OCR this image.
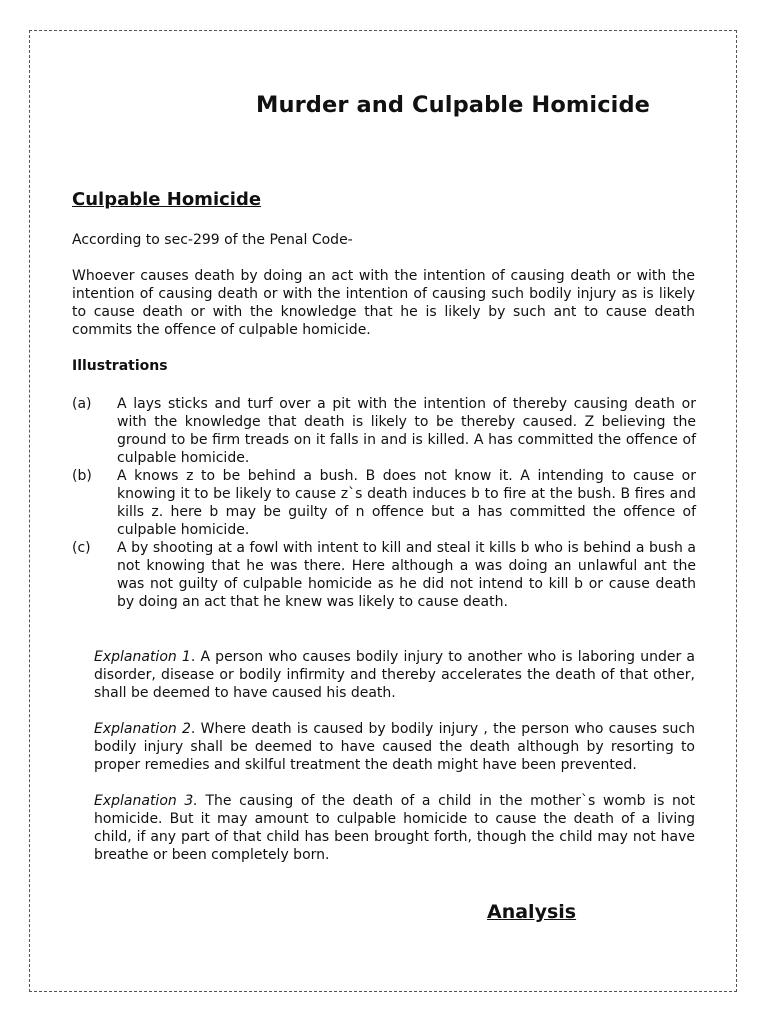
Murder and Culpable Homicide
Culpable Homicide

According to sec-299 of the Penal Code-

Whoever causes death by doing an act with the intention of causing death or with the intention of causing death or with the intention of causing such bodily injury as is likely to cause death or with the knowledge that he is likely by such ant to cause death commits the offence of culpable homicide.

Illustrations
(a) A lays sticks and turf over a pit with the intention of thereby causing death or with the knowledge that death is likely to be thereby caused. Z believing the ground to be firm treads on it falls in and is killed. A has committed the offence of culpable homicide.
(b) A knows z to be behind a bush. B does not know it. A intending to cause or knowing it to be likely to cause z`s death induces b to fire at the bush. B fires and kills z. here b may be guilty of n offence but a has committed the offence of culpable homicide.
(c) A by shooting at a fowl with intent to kill and steal it kills b who is behind a bush a not knowing that he was there. Here although a was doing an unlawful ant the was not guilty of culpable homicide as he did not intend to kill b or cause death by doing an act that he knew was likely to cause death.

Explanation 1. A person who causes bodily injury to another who is laboring under a disorder, disease or bodily infirmity and thereby accelerates the death of that other, shall be deemed to have caused his death.

Explanation 2. Where death is caused by bodily injury , the person who causes such bodily injury shall be deemed to have caused the death although by resorting to proper remedies and skilful treatment the death might have been prevented.

Explanation 3. The causing of the death of a child in the mother`s womb is not homicide. But it may amount to culpable homicide to cause the death of a living child, if any part of that child has been brought forth, though the child may not have breathe or been completely born.

Analysis
